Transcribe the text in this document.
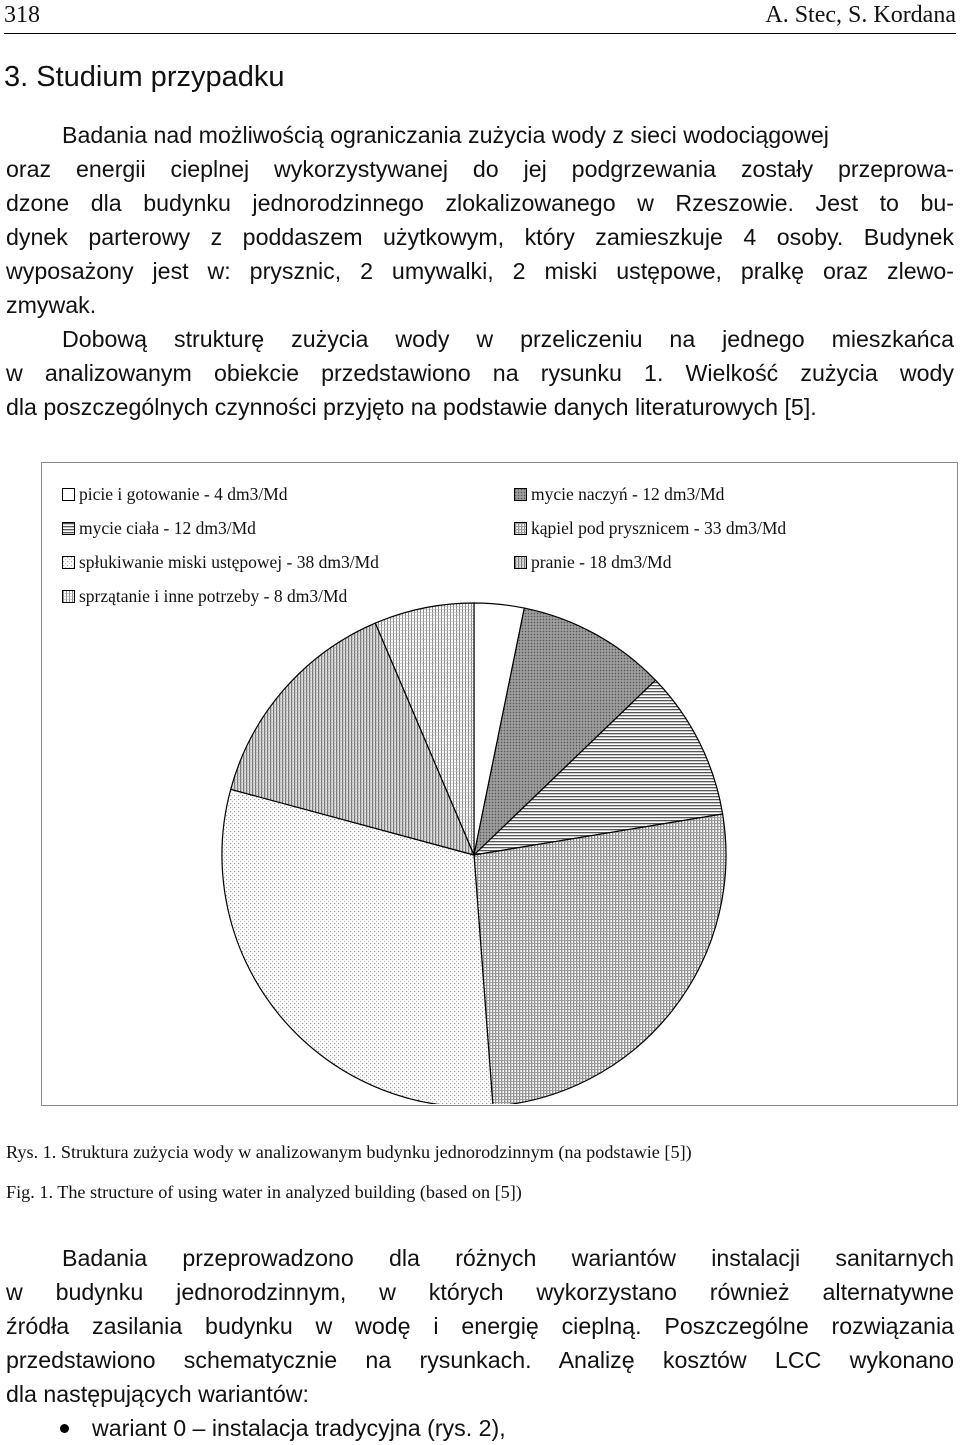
318	A. Stec, S. Kordana
3. Studium przypadku
Badania nad możliwością ograniczania zużycia wody z sieci wodociągowej
oraz energii cieplnej wykorzystywanej do jej podgrzewania zostały przeprowa-
dzone dla budynku jednorodzinnego zlokalizowanego w Rzeszowie. Jest to bu-
dynek parterowy z poddaszem użytkowym, który zamieszkuje 4 osoby. Budynek
wyposażony jest w: prysznic, 2 umywalki, 2 miski ustępowe, pralkę oraz zlewo-
zmywak.
Dobową strukturę zużycia wody w przeliczeniu na jednego mieszkańca
w analizowanym obiekcie przedstawiono na rysunku 1. Wielkość zużycia wody
dla poszczególnych czynności przyjęto na podstawie danych literaturowych [5].
picie i gotowanie - 4 dm3/Md	mycie naczyń - 12 dm3/Md
mycie ciała - 12 dm3/Md	kąpiel pod prysznicem - 33 dm3/Md
spłukiwanie miski ustępowej - 38 dm3/Md	pranie - 18 dm3/Md
sprzątanie i inne potrzeby - 8 dm3/Md
Rys. 1. Struktura zużycia wody w analizowanym budynku jednorodzinnym (na podstawie [5])
Fig. 1. The structure of using water in analyzed building (based on [5])
Badania przeprowadzono dla różnych wariantów instalacji sanitarnych
w budynku jednorodzinnym, w których wykorzystano również alternatywne
źródła zasilania budynku w wodę i energię cieplną. Poszczególne rozwiązania
przedstawiono schematycznie na rysunkach. Analizę kosztów LCC wykonano
dla następujących wariantów:
wariant 0 – instalacja tradycyjna (rys. 2),
